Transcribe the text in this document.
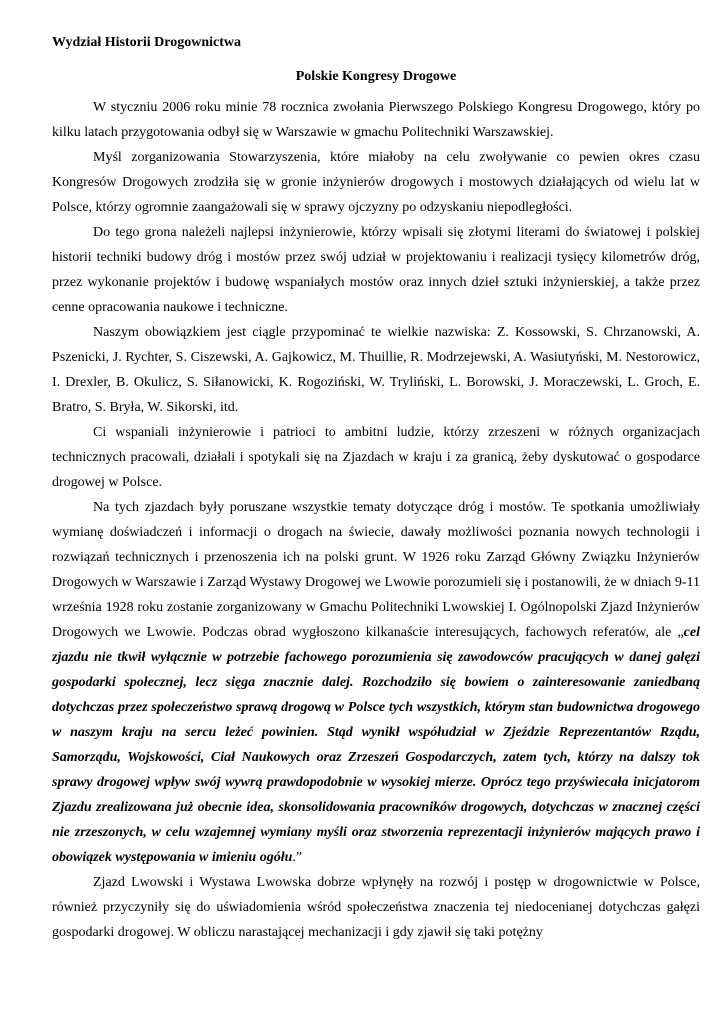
Wydział Historii Drogownictwa
Polskie Kongresy Drogowe

W styczniu 2006 roku minie 78 rocznica zwołania Pierwszego Polskiego Kongresu Drogowego, który po kilku latach przygotowania odbył się w Warszawie w gmachu Politechniki Warszawskiej.

Myśl zorganizowania Stowarzyszenia, które miałoby na celu zwoływanie co pewien okres czasu Kongresów Drogowych zrodziła się w gronie inżynierów drogowych i mostowych działających od wielu lat w Polsce, którzy ogromnie zaangażowali się w sprawy ojczyzny po odzyskaniu niepodległości.

Do tego grona należeli najlepsi inżynierowie, którzy wpisali się złotymi literami do światowej i polskiej historii techniki budowy dróg i mostów przez swój udział w projektowaniu i realizacji tysięcy kilometrów dróg, przez wykonanie projektów i budowę wspaniałych mostów oraz innych dzieł sztuki inżynierskiej, a także przez cenne opracowania naukowe i techniczne.

Naszym obowiązkiem jest ciągle przypominać te wielkie nazwiska: Z. Kossowski, S. Chrzanowski, A. Pszenicki, J. Rychter, S. Ciszewski, A. Gajkowicz, M. Thuillie, R. Modrzejewski, A. Wasiutyński, M. Nestorowicz, I. Drexler, B. Okulicz, S. Siłanowicki, K. Rogoziński, W. Tryliński, L. Borowski, J. Moraczewski, L. Groch, E. Bratro, S. Bryła, W. Sikorski, itd.

Ci wspaniali inżynierowie i patrioci to ambitni ludzie, którzy zrzeszeni w różnych organizacjach technicznych pracowali, działali i spotykali się na Zjazdach w kraju i za granicą, żeby dyskutować o gospodarce drogowej w Polsce.

Na tych zjazdach były poruszane wszystkie tematy dotyczące dróg i mostów. Te spotkania umożliwiały wymianę doświadczeń i informacji o drogach na świecie, dawały możliwości poznania nowych technologii i rozwiązań technicznych i przenoszenia ich na polski grunt. W 1926 roku Zarząd Główny Związku Inżynierów Drogowych w Warszawie i Zarząd Wystawy Drogowej we Lwowie porozumieli się i postanowili, że w dniach 9-11 września 1928 roku zostanie zorganizowany w Gmachu Politechniki Lwowskiej I. Ogólnopolski Zjazd Inżynierów Drogowych we Lwowie. Podczas obrad wygłoszono kilkanaście interesujących, fachowych referatów, ale „cel zjazdu nie tkwił wyłącznie w potrzebie fachowego porozumienia się zawodowców pracujących w danej gałęzi gospodarki społecznej, lecz sięga znacznie dalej. Rozchodziło się bowiem o zainteresowanie zaniedbaną dotychczas przez społeczeństwo sprawą drogową w Polsce tych wszystkich, którym stan budownictwa drogowego w naszym kraju na sercu leżeć powinien. Stąd wynikł współudział w Zjeździe Reprezentantów Rządu, Samorządu, Wojskowości, Ciał Naukowych oraz Zrzeszeń Gospodarczych, zatem tych, którzy na dalszy tok sprawy drogowej wpływ swój wywrą prawdopodobnie w wysokiej mierze. Oprócz tego przyświecała inicjatorom Zjazdu zrealizowana już obecnie idea, skonsolidowania pracowników drogowych, dotychczas w znacznej części nie zrzeszonych, w celu wzajemnej wymiany myśli oraz stworzenia reprezentacji inżynierów mających prawo i obowiązek występowania w imieniu ogółu.”

Zjazd Lwowski i Wystawa Lwowska dobrze wpłynęły na rozwój i postęp w drogownictwie w Polsce, również przyczyniły się do uświadomienia wśród społeczeństwa znaczenia tej niedocenianej dotychczas gałęzi gospodarki drogowej. W obliczu narastającej mechanizacji i gdy zjawił się taki potężny
